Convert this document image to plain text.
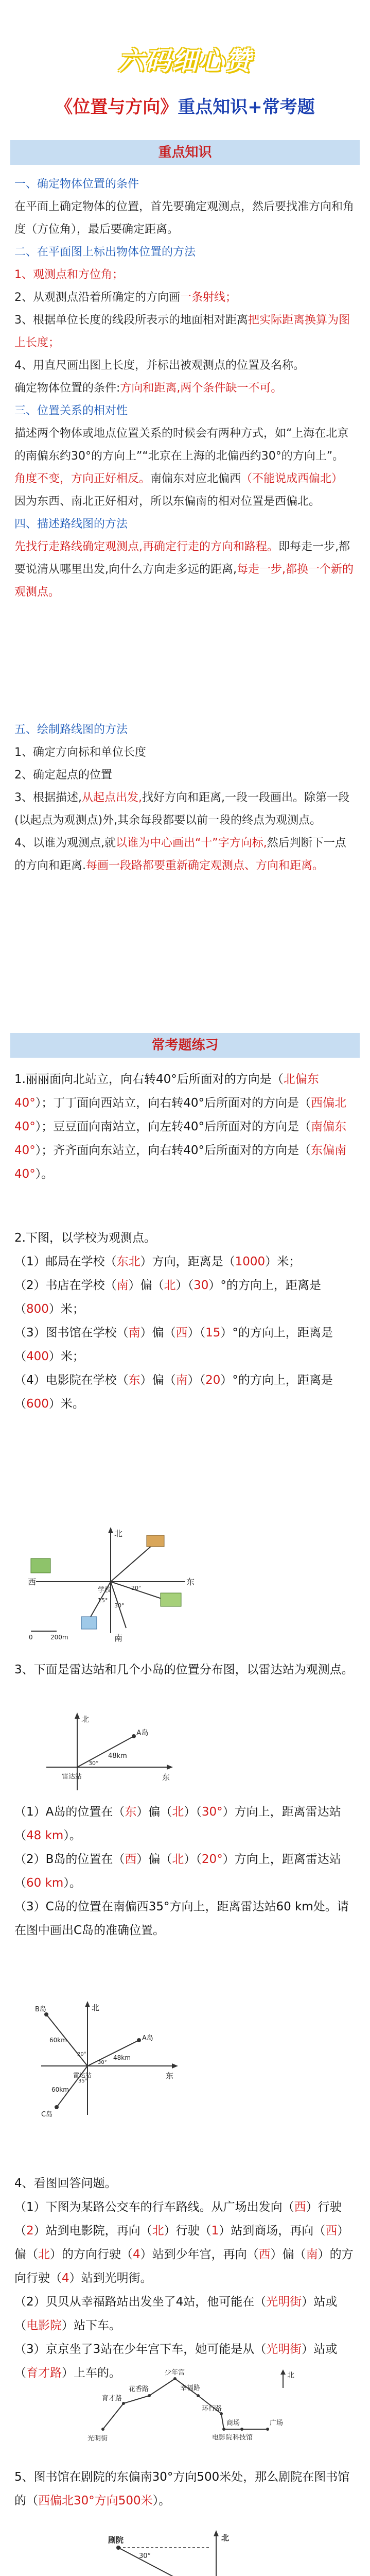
六码细心赞
《位置与方向》重点知识+常考题
重点知识

一、确定物体位置的条件

在平面上确定物体的位置，首先要确定观测点，然后要找准方向和角度（方位角），最后要确定距离。

二、在平面图上标出物体位置的方法

1、观测点和方位角；

2、从观测点沿着所确定的方向画一条射线；

3、根据单位长度的线段所表示的地面相对距离把实际距离换算为图上长度；

4、用直尺画出图上长度，并标出被观测点的位置及名称。

确定物体位置的条件:方向和距离,两个条件缺一不可。

三、位置关系的相对性

描述两个物体或地点位置关系的时候会有两种方式，如“上海在北京的南偏东约30°的方向上”“北京在上海的北偏西约30°的方向上”。角度不变，方向正好相反。南偏东对应北偏西（不能说成西偏北）

因为东西、南北正好相对，所以东偏南的相对位置是西偏北。

四、描述路线图的方法

先找行走路线确定观测点,再确定行走的方向和路程。即每走一步,都要说清从哪里出发,向什么方向走多远的距离,每走一步,都换一个新的观测点。

五、绘制路线图的方法

1、确定方向标和单位长度

2、确定起点的位置

3、根据描述,从起点出发,找好方向和距离,一段一段画出。除第一段(以起点为观测点)外,其余每段都要以前一段的终点为观测点。

4、以谁为观测点,就以谁为中心画出“十”字方向标,然后判断下一点的方向和距离.每画一段路都要重新确定观测点、方向和距离。

常考题练习

1.丽丽面向北站立，向右转40°后所面对的方向是（北偏东40°）；丁丁面向西站立，向右转40°后所面对的方向是（西偏北40°）；豆豆面向南站立，向左转40°后所面对的方向是（南偏东40°）；齐齐面向东站立，向右转40°后所面对的方向是（东偏南40°）。

2.下图，以学校为观测点。

（1）邮局在学校（东北）方向，距离是（1000）米；

（2）书店在学校（南）偏（北）（30）°的方向上，距离是（800）米；

（3）图书馆在学校（南）偏（西）（15）°的方向上，距离是（400）米；

（4）电影院在学校（东）偏（南）（20）°的方向上，距离是（600）米。

北
西	东
南
学校
30°
15°
20°
0	200m

3、下面是雷达站和几个小岛的位置分布图，以雷达站为观测点。

北
东
A岛
48km
雷达站
30°

（1）A岛的位置在（东）偏（北）（30°）方向上，距离雷达站（48 km）。

（2）B岛的位置在（西）偏（北）（20°）方向上，距离雷达站（60 km）。

（3）C岛的位置在南偏西35°方向上，距离雷达站60 km处。请在图中画出C岛的准确位置。

北
东
B岛
60km	A岛
48km
雷达站
C岛
60km
20°
30°
35°

4、看图回答问题。

（1）下图为某路公交车的行车路线。从广场出发向（西）行驶（2）站到电影院，再向（北）行驶（1）站到商场，再向（西）偏（北）的方向行驶（4）站到少年宫，再向（西）偏（南）的方向行驶（4）站到光明街。

（2）贝贝从幸福路站出发坐了4站，他可能在（光明街）站或（电影院）站下车。

（3）京京坐了3站在少年宫下车，她可能是从（光明街）站或（育才路）上车的。	北
少年宫
幸福路
花香路
育才路
环行路
光明街
商场
科技馆
电影院
广场

5、图书馆在剧院的东偏南30°方向500米处，那么剧院在图书馆的（西偏北30°方向500米）。

北
剧院
30°
